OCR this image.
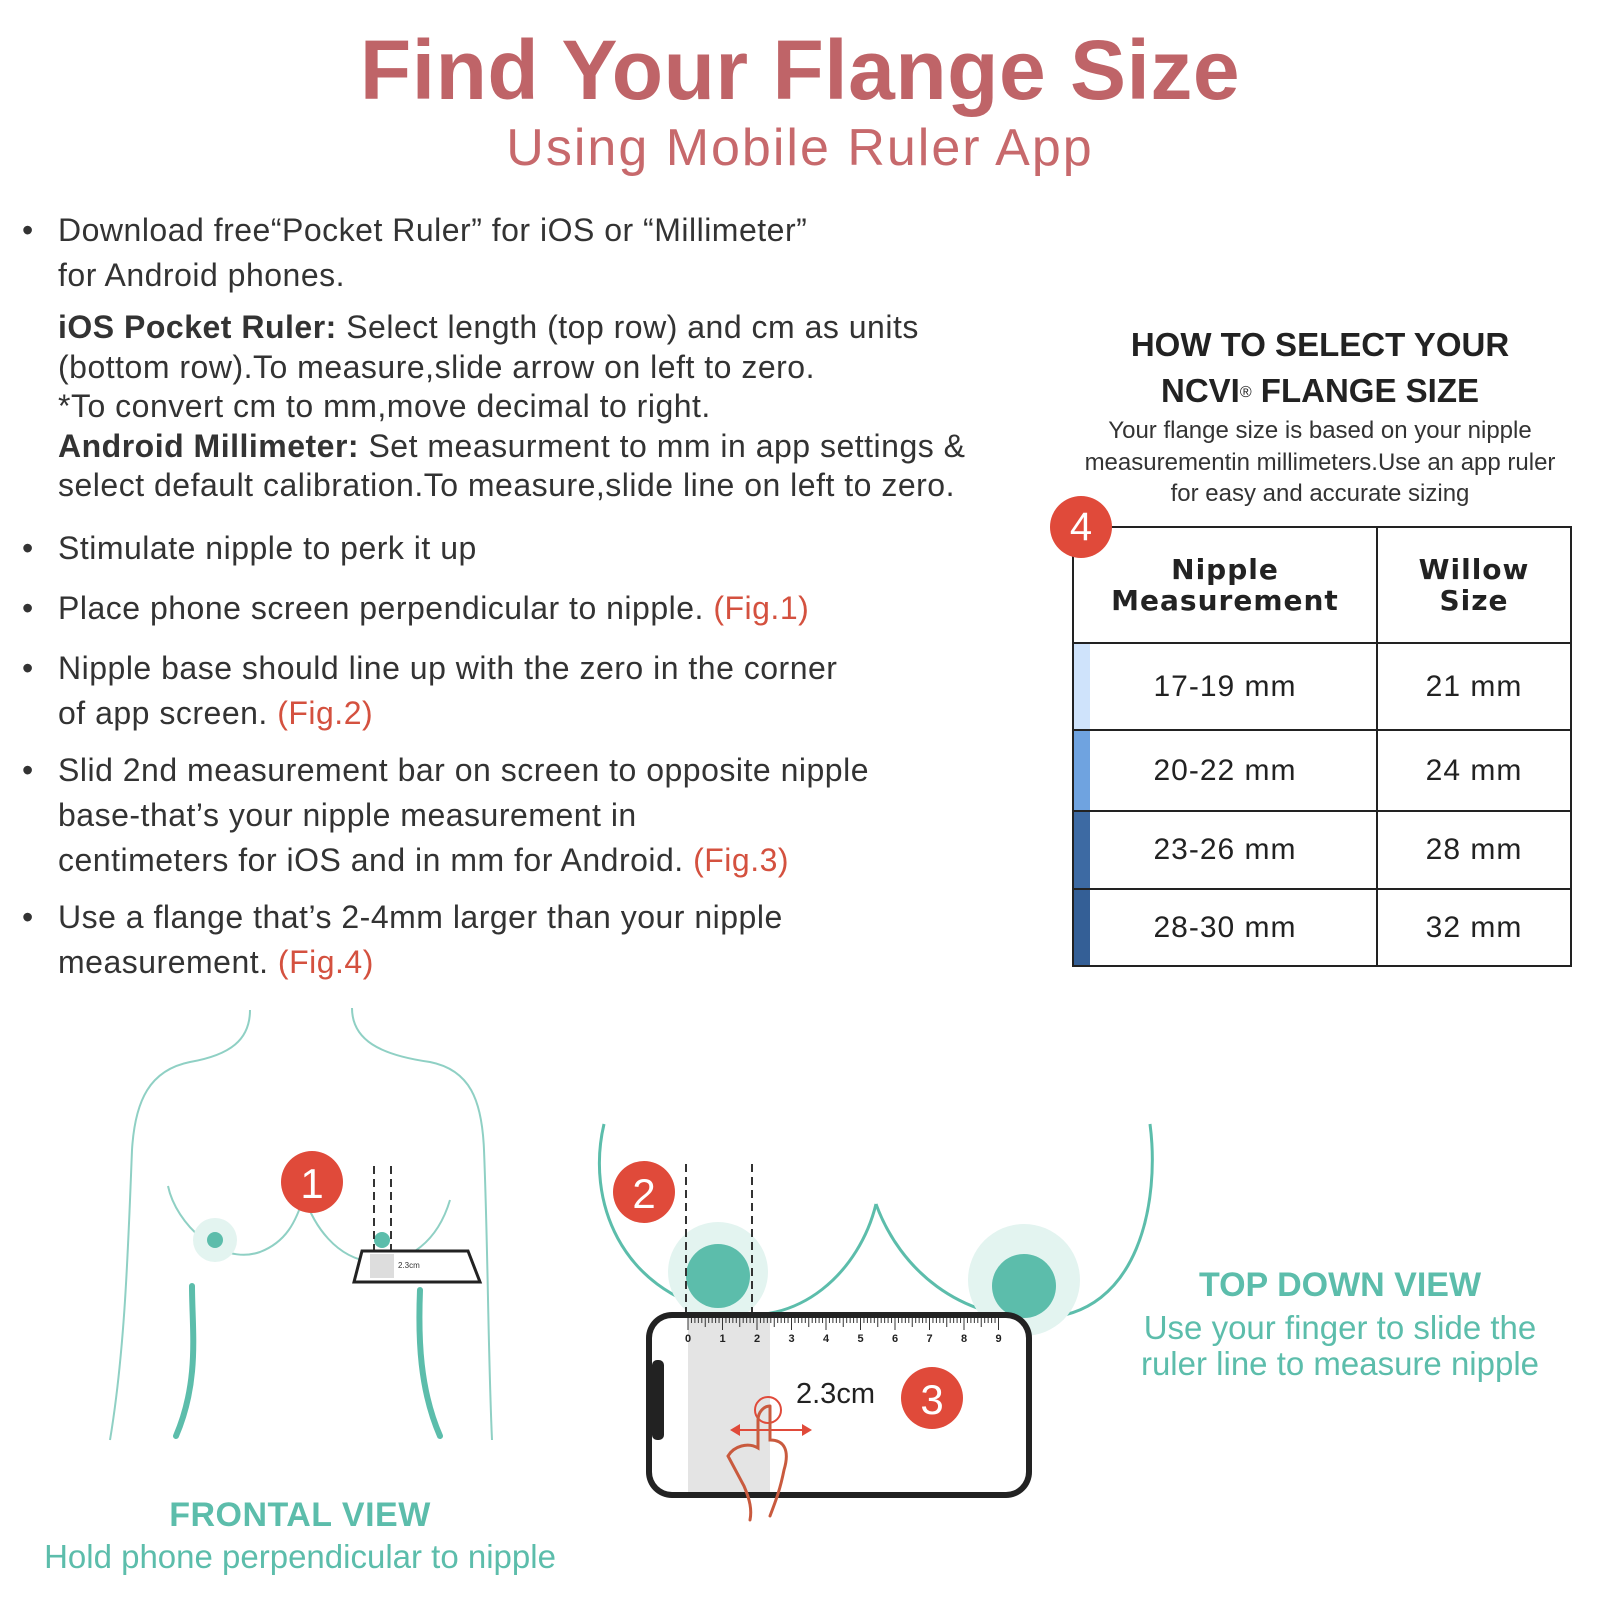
Find Your Flange Size
Using Mobile Ruler App
• Download free“Pocket Ruler” for iOS or “Millimeter”
for Android phones.
iOS Pocket Ruler: Select length (top row) and cm as units
(bottom row).To measure,slide arrow on left to zero.
*To convert cm to mm,move decimal to right.
Android Millimeter: Set measurment to mm in app settings &
select default calibration.To measure,slide line on left to zero.
• Stimulate nipple to perk it up
• Place phone screen perpendicular to nipple. (Fig.1)
• Nipple base should line up with the zero in the corner
of app screen. (Fig.2)
• Slid 2nd measurement bar on screen to opposite nipple
base-that’s your nipple measurement in
centimeters for iOS and in mm for Android. (Fig.3)
• Use a flange that’s 2-4mm larger than your nipple
measurement. (Fig.4)
HOW TO SELECT YOUR
NCVI® FLANGE SIZE
Your flange size is based on your nipple
measurementin millimeters.Use an app ruler
for easy and accurate sizing
Nipple
Measurement	Willow
Size

17-19 mm	21 mm

20-22 mm	24 mm

23-26 mm	28 mm

28-30 mm	32 mm
4
2.3cm
1	2
0	1	2	3	4	5	6	7	8	9
3
2.3cm
FRONTAL VIEW
Hold phone perpendicular to nipple
TOP DOWN VIEW
Use your finger to slide the
ruler line to measure nipple
